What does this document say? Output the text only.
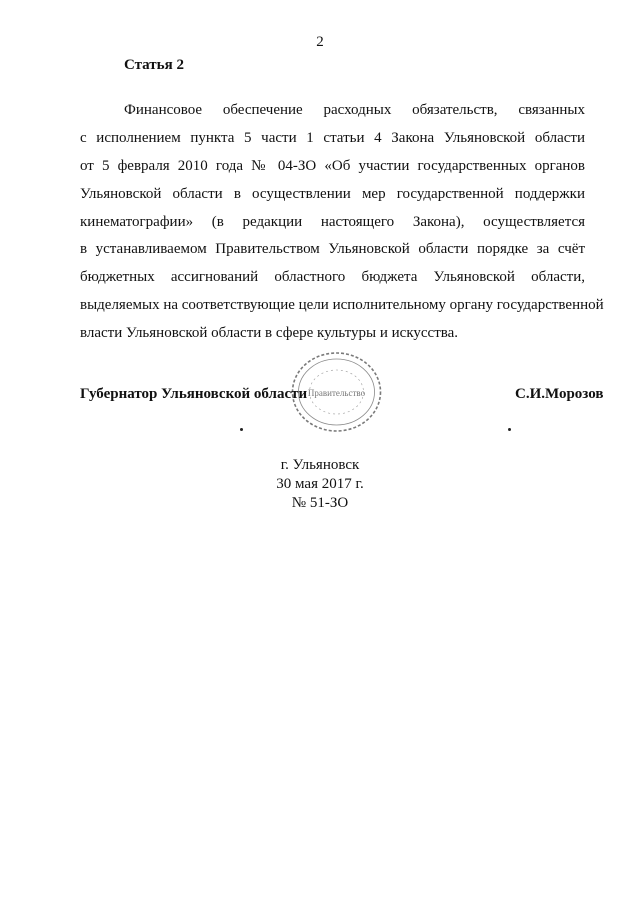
2
Статья 2
Финансовое обеспечение расходных обязательств, связанных
с исполнением пункта 5 части 1 статьи 4 Закона Ульяновской области
от 5 февраля 2010 года № 04-ЗО «Об участии государственных органов
Ульяновской области в осуществлении мер государственной поддержки
кинематографии» (в редакции настоящего Закона), осуществляется
в устанавливаемом Правительством Ульяновской области порядке за счёт
бюджетных ассигнований областного бюджета Ульяновской области,
выделяемых на соответствующие цели исполнительному органу государственной
власти Ульяновской области в сфере культуры и искусства.
Правительство
Губернатор Ульяновской области	С.И.Морозов
г. Ульяновск
30 мая 2017 г.
№ 51-ЗО
